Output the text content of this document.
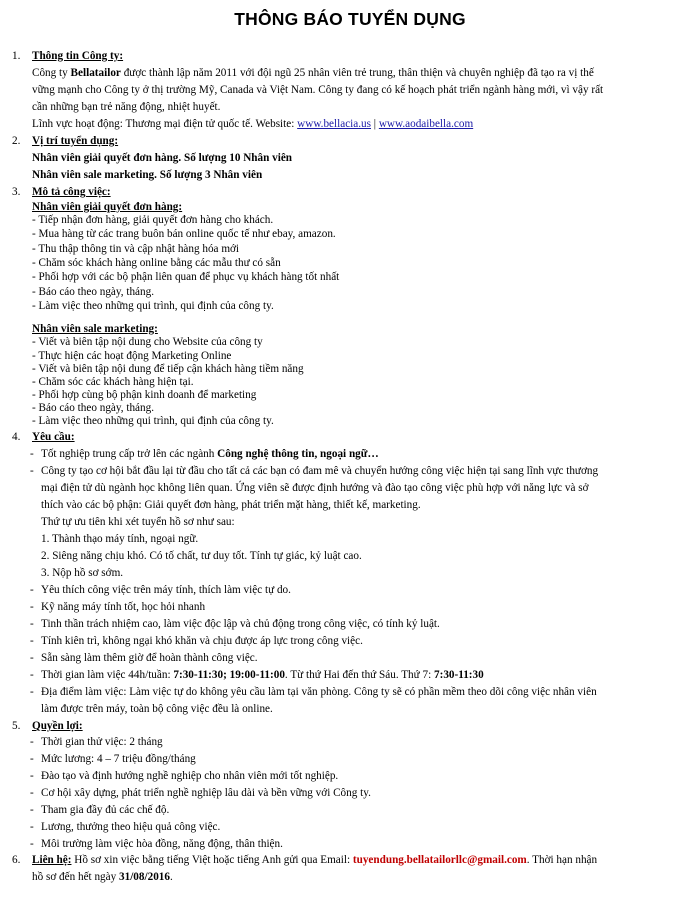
THÔNG BÁO TUYỂN DỤNG
1. Thông tin Công ty:
Công ty Bellatailor được thành lập năm 2011 với đội ngũ 25 nhân viên trẻ trung, thân thiện và chuyên nghiệp đã tạo ra vị thế
vững mạnh cho Công ty ở thị trường Mỹ, Canada và Việt Nam. Công ty đang có kế hoạch phát triển ngành hàng mới, vì vậy rất
cần những bạn trẻ năng động, nhiệt huyết.
Lĩnh vực hoạt động: Thương mại điện tử quốc tế. Website: www.bellacia.us | www.aodaibella.com
2. Vị trí tuyển dụng:
Nhân viên giải quyết đơn hàng. Số lượng 10 Nhân viên
Nhân viên sale marketing. Số lượng 3 Nhân viên
3. Mô tả công việc:
Nhân viên giải quyết đơn hàng:
- Tiếp nhận đơn hàng, giải quyết đơn hàng cho khách.
- Mua hàng từ các trang buôn bán online quốc tế như ebay, amazon.
- Thu thập thông tin và cập nhật hàng hóa mới
- Chăm sóc khách hàng online bằng các mẫu thư có sẵn
- Phối hợp với các bộ phận liên quan để phục vụ khách hàng tốt nhất
- Báo cáo theo ngày, tháng.
- Làm việc theo những qui trình, qui định của công ty.
Nhân viên sale marketing:
- Viết và biên tập nội dung cho Website của công ty
- Thực hiện các hoạt động Marketing Online
- Viết và biên tập nội dung để tiếp cận khách hàng tiềm năng
- Chăm sóc các khách hàng hiện tại.
- Phối hợp cùng bộ phận kinh doanh để marketing
- Báo cáo theo ngày, tháng.
- Làm việc theo những qui trình, qui định của công ty.
4. Yêu cầu:
- Tốt nghiệp trung cấp trở lên các ngành Công nghệ thông tin, ngoại ngữ…
- Công ty tạo cơ hội bắt đầu lại từ đầu cho tất cả các bạn có đam mê và chuyển hướng công việc hiện tại sang lĩnh vực thương
mại điện tử dù ngành học không liên quan. Ứng viên sẽ được định hướng và đào tạo công việc phù hợp với năng lực và sở
thích vào các bộ phận: Giải quyết đơn hàng, phát triển mặt hàng, thiết kế, marketing.
Thứ tự ưu tiên khi xét tuyển hồ sơ như sau:
1. Thành thạo máy tính, ngoại ngữ.
2. Siêng năng chịu khó. Có tố chất, tư duy tốt. Tính tự giác, kỷ luật cao.
3. Nộp hồ sơ sớm.
- Yêu thích công việc trên máy tính, thích làm việc tự do.
- Kỹ năng máy tính tốt, học hỏi nhanh
- Tinh thần trách nhiệm cao, làm việc độc lập và chủ động trong công việc, có tính kỷ luật.
- Tính kiên trì, không ngại khó khăn và chịu được áp lực trong công việc.
- Sẵn sàng làm thêm giờ để hoàn thành công việc.
- Thời gian làm việc 44h/tuần: 7:30-11:30; 19:00-11:00. Từ thứ Hai đến thứ Sáu. Thứ 7: 7:30-11:30
- Địa điểm làm việc: Làm việc tự do không yêu cầu làm tại văn phòng. Công ty sẽ có phần mềm theo dõi công việc nhân viên
làm được trên máy, toàn bộ công việc đều là online.
5. Quyền lợi:
- Thời gian thử việc: 2 tháng
- Mức lương: 4 – 7 triệu đồng/tháng
- Đào tạo và định hướng nghề nghiệp cho nhân viên mới tốt nghiệp.
- Cơ hội xây dựng, phát triển nghề nghiệp lâu dài và bền vững với Công ty.
- Tham gia đầy đủ các chế độ.
- Lương, thưởng theo hiệu quả công việc.
- Môi trường làm việc hòa đồng, năng động, thân thiện.
6. Liên hệ: Hồ sơ xin việc bằng tiếng Việt hoặc tiếng Anh gửi qua Email: tuyendung.bellatailorllc@gmail.com. Thời hạn nhận
hồ sơ đến hết ngày 31/08/2016.
